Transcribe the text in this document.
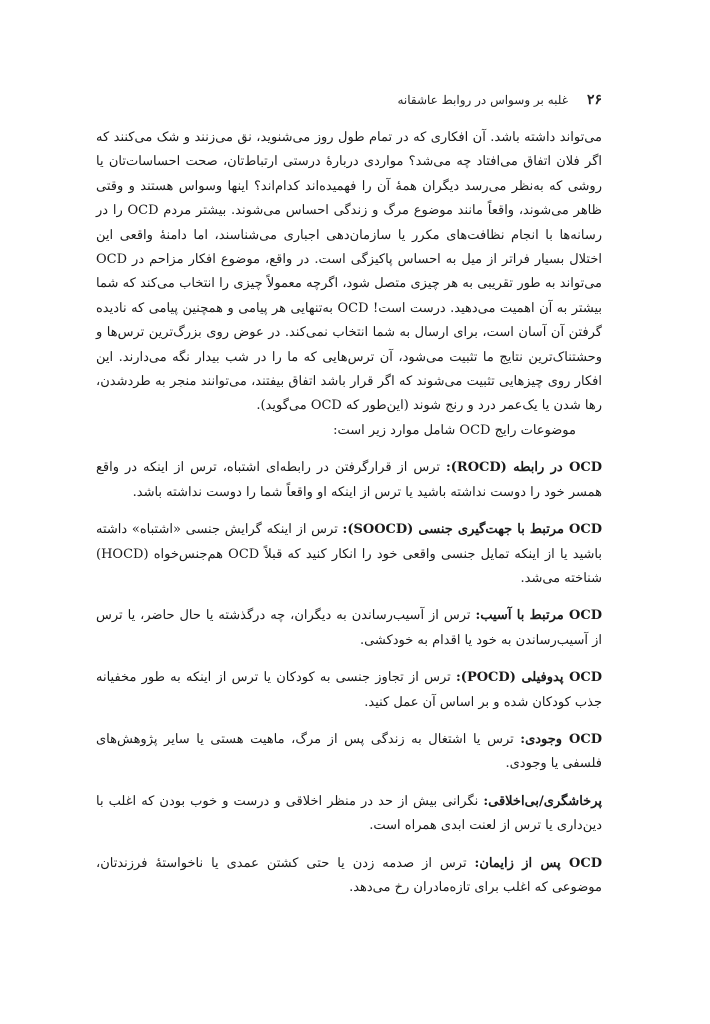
۲۶
غلبه بر وسواس در روابط عاشقانه

می‌تواند داشته باشد. آن افکاری که در تمام طول روز می‌شنوید، نق می‌زنند و شک می‌کنند که اگر فلان اتفاق می‌افتاد چه می‌شد؟ مواردی دربارهٔ درستی ارتباط‌تان، صحت احساسات‌تان یا روشی که به‌نظر می‌رسد دیگران همهٔ آن را فهمیده‌اند کدام‌اند؟ اینها وسواس هستند و وقتی ظاهر می‌شوند، واقعاً مانند موضوع مرگ و زندگی احساس می‌شوند. بیشتر مردم OCD را در رسانه‌ها با انجام نظافت‌های مکرر یا سازمان‌دهی اجباری می‌شناسند، اما دامنهٔ واقعی این اختلال بسیار فراتر از میل به احساس پاکیزگی است. در واقع، موضوع افکار مزاحم در OCD می‌تواند به طور تقریبی به هر چیزی متصل شود، اگرچه معمولاً چیزی را انتخاب می‌کند که شما بیشتر به آن اهمیت می‌دهید. درست است! OCD به‌تنهایی هر پیامی و همچنین پیامی که نادیده گرفتن آن آسان است، برای ارسال به شما انتخاب نمی‌کند. در عوض روی بزرگ‌ترین ترس‌ها و وحشتناک‌ترین نتایج ما تثبیت می‌شود، آن ترس‌هایی که ما را در شب بیدار نگه می‌دارند. این افکار روی چیزهایی تثبیت می‌شوند که اگر قرار باشد اتفاق بیفتند، می‌توانند منجر به طردشدن، رها شدن یا یک‌عمر درد و رنج شوند (این‌طور که OCD می‌گوید).

موضوعات رایج OCD شامل موارد زیر است:

OCD در رابطه (ROCD): ترس از قرارگرفتن در رابطه‌ای اشتباه، ترس از اینکه در واقع همسر خود را دوست نداشته باشید یا ترس از اینکه او واقعاً شما را دوست نداشته باشد.

OCD مرتبط با جهت‌گیری جنسی (SOOCD): ترس از اینکه گرایش جنسی «اشتباه» داشته باشید یا از اینکه تمایل جنسی واقعی خود را انکار کنید که قبلاً OCD هم‌جنس‌خواه (HOCD) شناخته می‌شد.

OCD مرتبط با آسیب: ترس از آسیب‌رساندن به دیگران، چه درگذشته یا حال حاضر، یا ترس از آسیب‌رساندن به خود یا اقدام به خودکشی.

OCD پدوفیلی (POCD): ترس از تجاوز جنسی به کودکان یا ترس از اینکه به طور مخفیانه جذب کودکان شده و بر اساس آن عمل کنید.

OCD وجودی: ترس یا اشتغال به زندگی پس از مرگ، ماهیت هستی یا سایر پژوهش‌های فلسفی یا وجودی.

پرخاشگری/بی‌اخلاقی: نگرانی بیش از حد در منظر اخلاقی و درست و خوب بودن که اغلب با دین‌داری یا ترس از لعنت ابدی همراه است.

OCD پس از زایمان: ترس از صدمه زدن یا حتی کشتن عمدی یا ناخواستهٔ فرزندتان، موضوعی که اغلب برای تازه‌مادران رخ می‌دهد.
